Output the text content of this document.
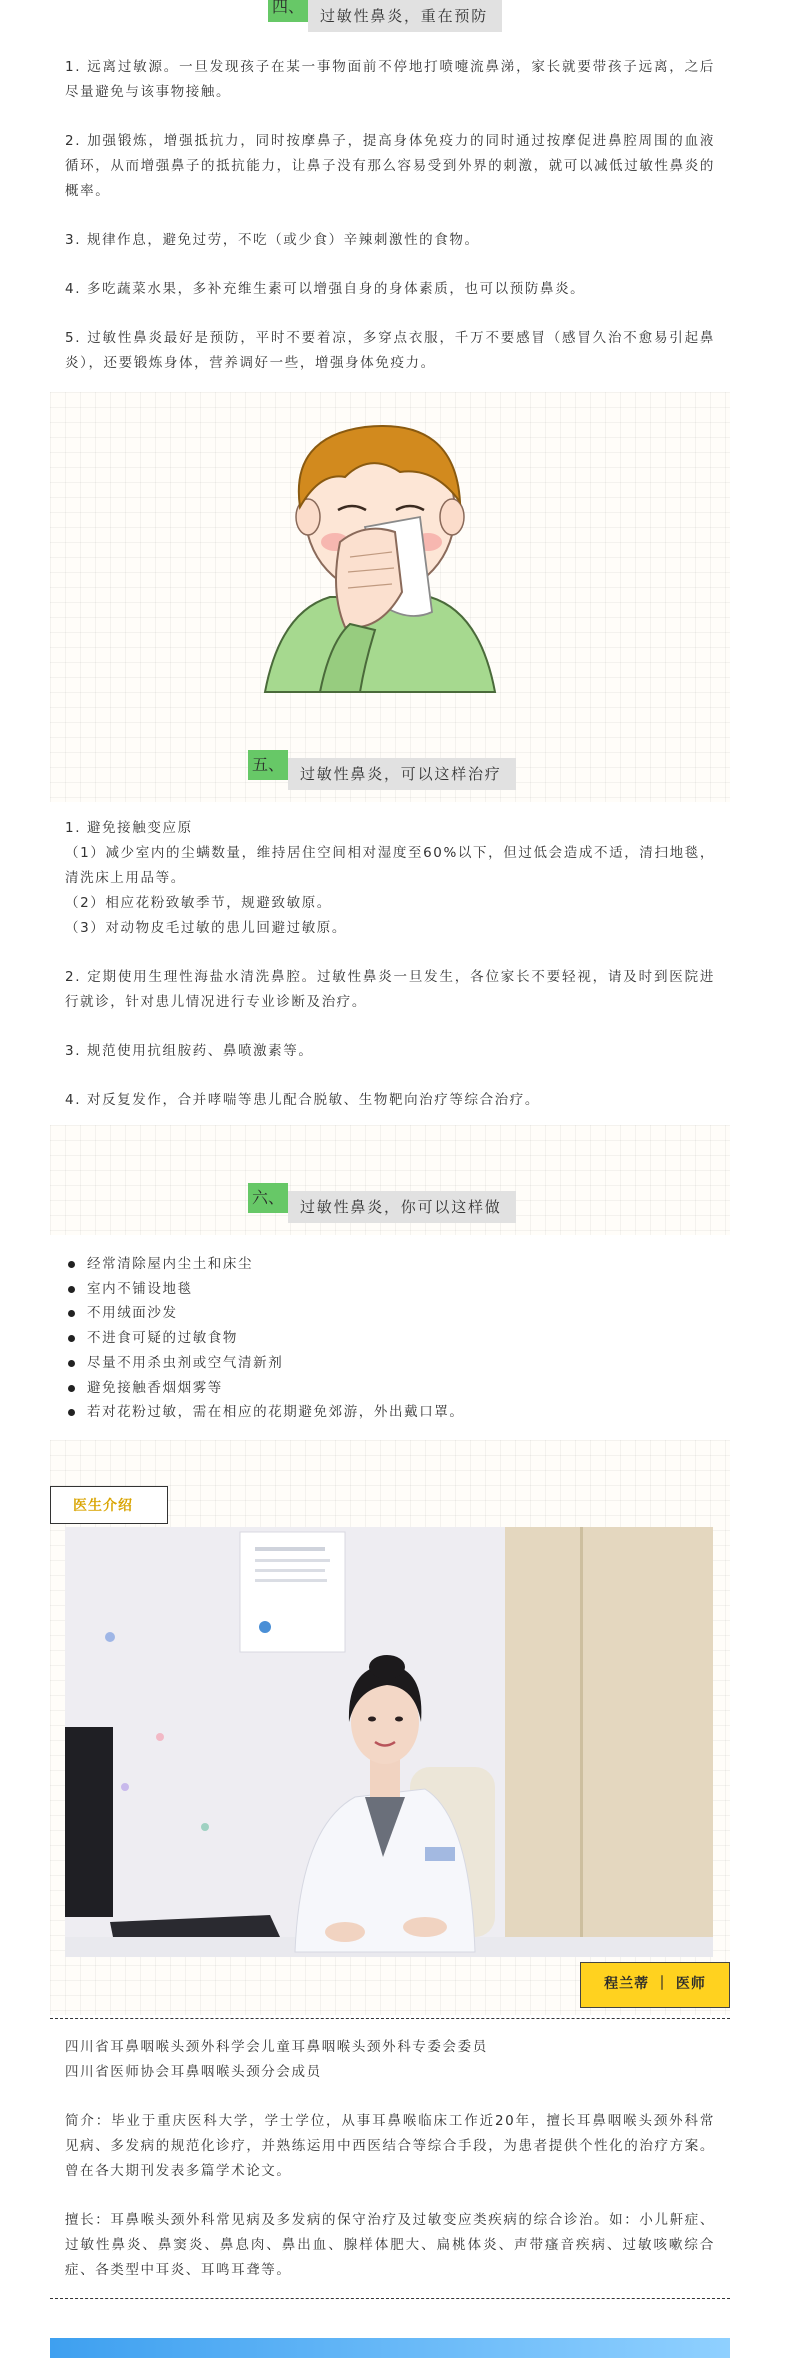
四、	过敏性鼻炎，重在预防

1. 远离过敏源。一旦发现孩子在某一事物面前不停地打喷嚏流鼻涕，家长就要带孩子远离，之后尽量避免与该事物接触。

2. 加强锻炼，增强抵抗力，同时按摩鼻子，提高身体免疫力的同时通过按摩促进鼻腔周围的血液循环，从而增强鼻子的抵抗能力，让鼻子没有那么容易受到外界的刺激，就可以减低过敏性鼻炎的概率。

3. 规律作息，避免过劳，不吃（或少食）辛辣刺激性的食物。

4. 多吃蔬菜水果，多补充维生素可以增强自身的身体素质，也可以预防鼻炎。

5. 过敏性鼻炎最好是预防，平时不要着凉，多穿点衣服，千万不要感冒（感冒久治不愈易引起鼻炎），还要锻炼身体，营养调好一些，增强身体免疫力。

五、	过敏性鼻炎，可以这样治疗

1. 避免接触变应原

（1）减少室内的尘螨数量，维持居住空间相对湿度至60%以下，但过低会造成不适，清扫地毯，清洗床上用品等。

（2）相应花粉致敏季节，规避致敏原。

（3）对动物皮毛过敏的患儿回避过敏原。

2. 定期使用生理性海盐水清洗鼻腔。过敏性鼻炎一旦发生，各位家长不要轻视，请及时到医院进行就诊，针对患儿情况进行专业诊断及治疗。

3. 规范使用抗组胺药、鼻喷激素等。

4. 对反复发作，合并哮喘等患儿配合脱敏、生物靶向治疗等综合治疗。

六、	过敏性鼻炎，你可以这样做
经常清除屋内尘土和床尘
室内不铺设地毯
不用绒面沙发
不进食可疑的过敏食物
尽量不用杀虫剂或空气清新剂
避免接触香烟烟雾等
若对花粉过敏，需在相应的花期避免郊游，外出戴口罩。
医生介绍
程兰蒂 ｜ 医师

四川省耳鼻咽喉头颈外科学会儿童耳鼻咽喉头颈外科专委会委员

四川省医师协会耳鼻咽喉头颈分会成员

简介：毕业于重庆医科大学，学士学位，从事耳鼻喉临床工作近20年，擅长耳鼻咽喉头颈外科常见病、多发病的规范化诊疗，并熟练运用中西医结合等综合手段，为患者提供个性化的治疗方案。曾在各大期刊发表多篇学术论文。

擅长：耳鼻喉头颈外科常见病及多发病的保守治疗及过敏变应类疾病的综合诊治。如：小儿鼾症、过敏性鼻炎、鼻窦炎、鼻息肉、鼻出血、腺样体肥大、扁桃体炎、声带瘙音疾病、过敏咳嗽综合症、各类型中耳炎、耳鸣耳聋等。
